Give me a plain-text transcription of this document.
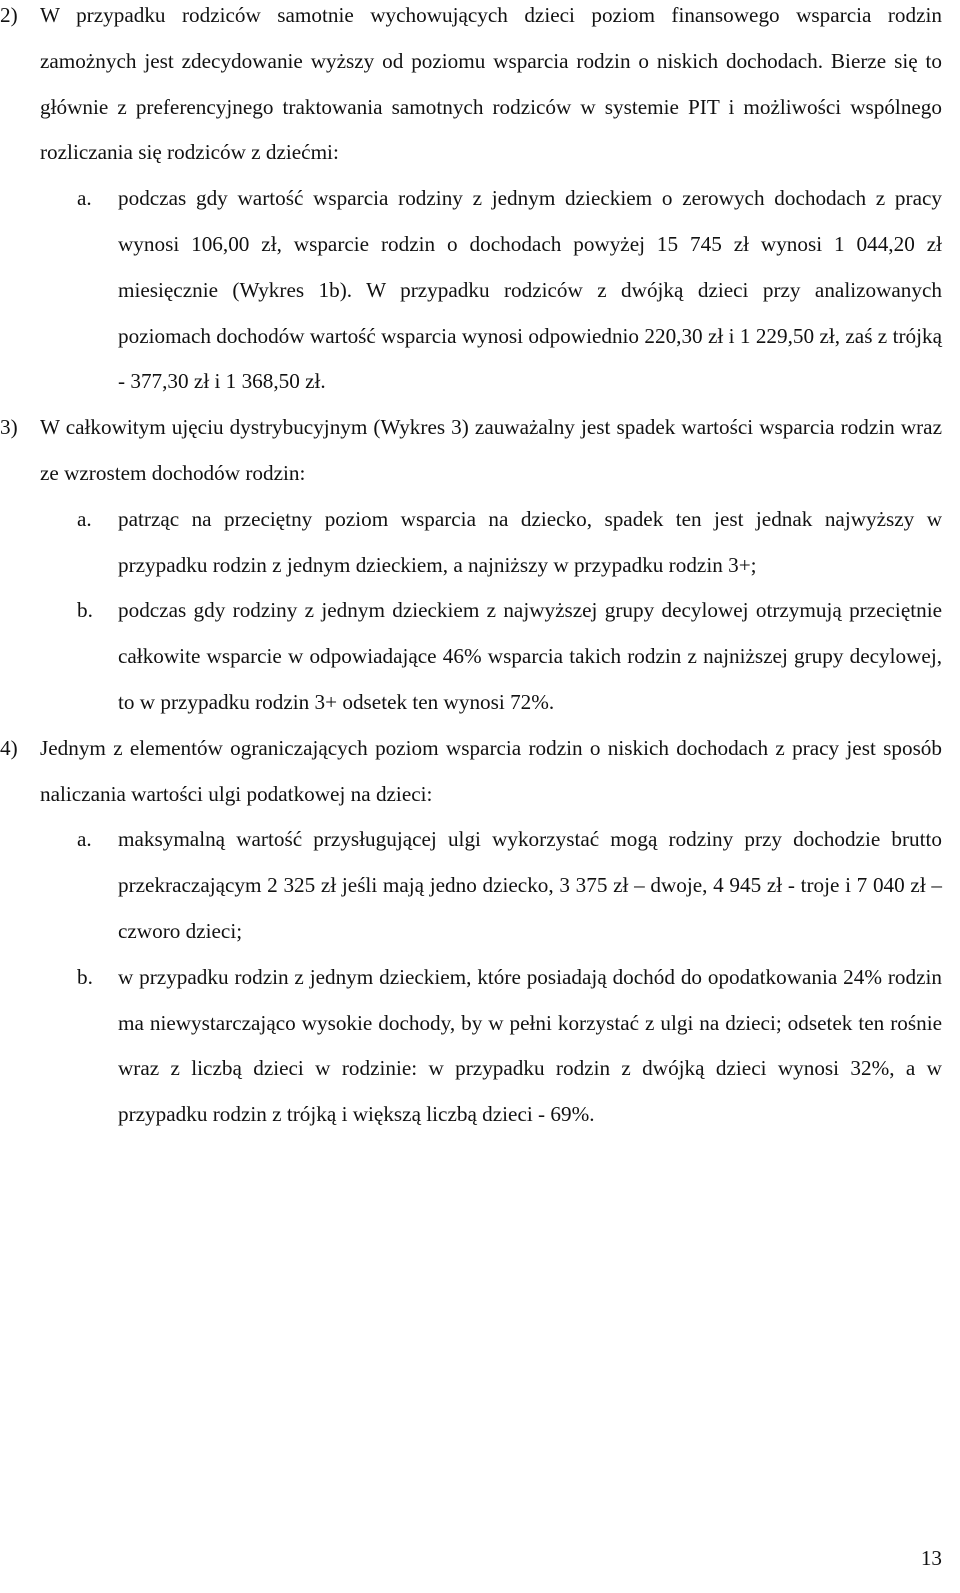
2) W przypadku rodziców samotnie wychowujących dzieci poziom finansowego wsparcia rodzin zamożnych jest zdecydowanie wyższy od poziomu wsparcia rodzin o niskich dochodach. Bierze się to głównie z preferencyjnego traktowania samotnych rodziców w systemie PIT i możliwości wspólnego rozliczania się rodziców z dziećmi:
a. podczas gdy wartość wsparcia rodziny z jednym dzieckiem o zerowych dochodach z pracy wynosi 106,00 zł, wsparcie rodzin o dochodach powyżej 15 745 zł wynosi 1 044,20 zł miesięcznie (Wykres 1b). W przypadku rodziców z dwójką dzieci przy analizowanych poziomach dochodów wartość wsparcia wynosi odpowiednio 220,30 zł i 1 229,50 zł, zaś z trójką - 377,30 zł i 1 368,50 zł.
3) W całkowitym ujęciu dystrybucyjnym (Wykres 3) zauważalny jest spadek wartości wsparcia rodzin wraz ze wzrostem dochodów rodzin:
a. patrząc na przeciętny poziom wsparcia na dziecko, spadek ten jest jednak najwyższy w przypadku rodzin z jednym dzieckiem, a najniższy w przypadku rodzin 3+;
b. podczas gdy rodziny z jednym dzieckiem z najwyższej grupy decylowej otrzymują przeciętnie całkowite wsparcie w odpowiadające 46% wsparcia takich rodzin z najniższej grupy decylowej, to w przypadku rodzin 3+ odsetek ten wynosi 72%.
4) Jednym z elementów ograniczających poziom wsparcia rodzin o niskich dochodach z pracy jest sposób naliczania wartości ulgi podatkowej na dzieci:
a. maksymalną wartość przysługującej ulgi wykorzystać mogą rodziny przy dochodzie brutto przekraczającym 2 325 zł jeśli mają jedno dziecko, 3 375 zł – dwoje, 4 945 zł - troje i 7 040 zł – czworo dzieci;
b. w przypadku rodzin z jednym dzieckiem, które posiadają dochód do opodatkowania 24% rodzin ma niewystarczająco wysokie dochody, by w pełni korzystać z ulgi na dzieci; odsetek ten rośnie wraz z liczbą dzieci w rodzinie: w przypadku rodzin z dwójką dzieci wynosi 32%, a w przypadku rodzin z trójką i większą liczbą dzieci - 69%.
13
